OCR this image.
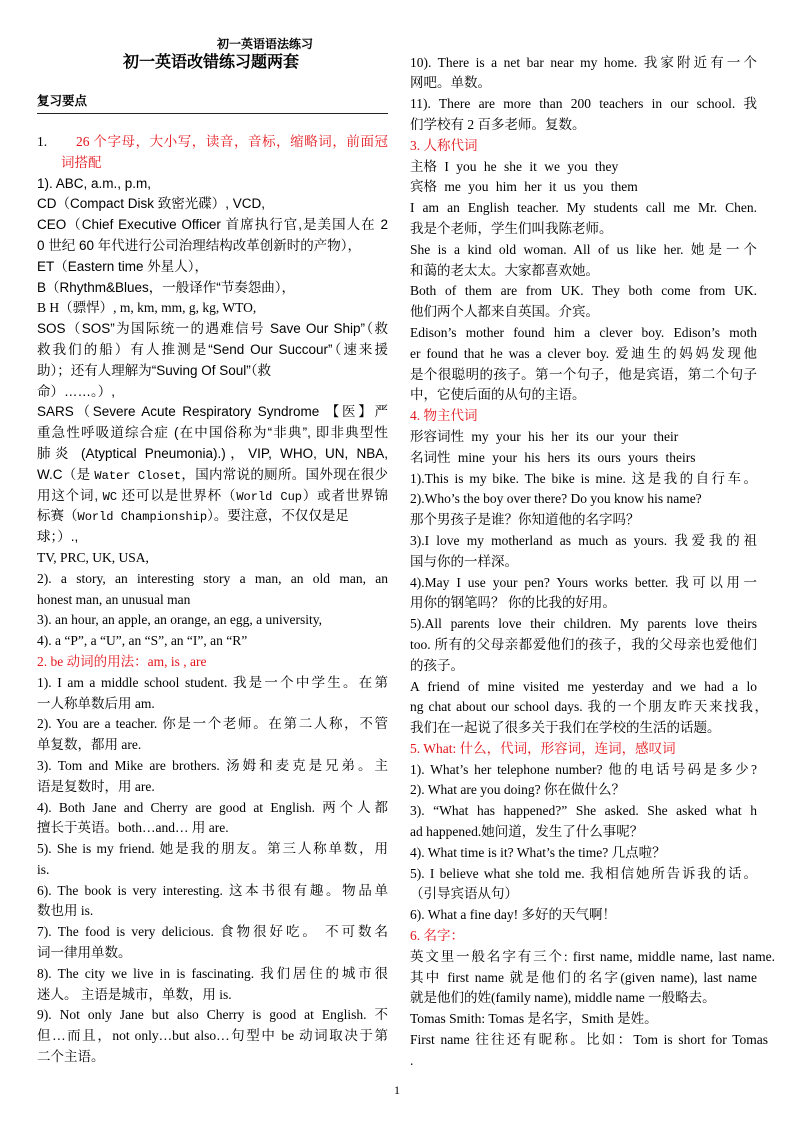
初一英语语法练习
初一英语改错练习题两套
复习要点
1. 26 个字母，大小写，读音，音标，缩略词，前面冠
词搭配
1). ABC, a.m., p.m,
CD（Compact Disk 致密光碟）, VCD,
CEO（Chief Executive Officer 首席执行官,是美国人在 2
0 世纪 60 年代进行公司治理结构改革创新时的产物），
ET（Eastern time 外星人），
B（Rhythm&Blues，一般译作“节奏怨曲），
B H（骠悍）, m, km, mm, g, kg, WTO,
SOS（SOS”为国际统一的遇难信号 Save Our Ship”（救
救我们的船）有人推测是“Send Our Succour”（速来援
助）；还有人理解为“Suving Of Soul”（救
命）……。）,
SARS（Severe Acute Respiratory Syndrome 【医】严
重急性呼吸道综合症 (在中国俗称为“非典”, 即非典型性
肺炎 (Atyptical Pneumonia).)，VIP, WHO, UN, NBA,
W.C（是 Water Closet，国内常说的厕所。国外现在很少
用这个词, WC 还可以是世界杯（World Cup）或者世界锦
标赛（World Championship）。要注意，不仅仅是足
球；）.,
TV, PRC, UK, USA,
2). a story, an interesting story a man, an old man, an
honest man, an unusual man
3). an hour, an apple, an orange, an egg, a university,
4). a “P”, a “U”, an “S”, an “I”, an “R”
2. be 动词的用法：am, is , are
1). I am a middle school student. 我是一个中学生。在第
一人称单数后用 am.
2). You are a teacher. 你是一个老师。在第二人称，不管
单复数，都用 are.
3). Tom and Mike are brothers. 汤姆和麦克是兄弟。主
语是复数时，用 are.
4). Both Jane and Cherry are good at English. 两个人都
擅长于英语。both…and… 用 are.
5). She is my friend. 她是我的朋友。第三人称单数，用
is.
6). The book is very interesting. 这本书很有趣。物品单
数也用 is.
7). The food is very delicious. 食物很好吃。 不可数名
词一律用单数。
8). The city we live in is fascinating. 我们居住的城市很
迷人。 主语是城市，单数，用 is.
9). Not only Jane but also Cherry is good at English. 不
但…而且，not only…but also…句型中 be 动词取决于第
二个主语。
10). There is a net bar near my home. 我家附近有一个
网吧。单数。
11). There are more than 200 teachers in our school. 我
们学校有 2 百多老师。复数。
3. 人称代词
主格 I you he she it we you they
宾格 me you him her it us you them
I am an English teacher. My students call me Mr. Chen.
我是个老师，学生们叫我陈老师。
She is a kind old woman. All of us like her. 她是一个
和蔼的老太太。大家都喜欢她。
Both of them are from UK. They both come from UK.
他们两个人都来自英国。介宾。
Edison’s mother found him a clever boy. Edison’s moth
er found that he was a clever boy. 爱迪生的妈妈发现他
是个很聪明的孩子。第一个句子，他是宾语，第二个句子
中，它使后面的从句的主语。
4. 物主代词
形容词性 my your his her its our your their
名词性 mine your his hers its ours yours theirs
1).This is my bike. The bike is mine. 这是我的自行车。
2).Who’s the boy over there? Do you know his name?
那个男孩子是谁？你知道他的名字吗？
3).I love my motherland as much as yours. 我爱我的祖
国与你的一样深。
4).May I use your pen? Yours works better. 我可以用一
用你的钢笔吗？ 你的比我的好用。
5).All parents love their children. My parents love theirs
too. 所有的父母亲都爱他们的孩子，我的父母亲也爱他们
的孩子。
A friend of mine visited me yesterday and we had a lo
ng chat about our school days. 我的一个朋友昨天来找我，
我们在一起说了很多关于我们在学校的生活的话题。
5. What: 什么，代词，形容词，连词，感叹词
1). What’s her telephone number? 他的电话号码是多少?
2). What are you doing? 你在做什么？
3). “What has happened?” She asked. She asked what h
ad happened.她问道，发生了什么事呢？
4). What time is it? What’s the time? 几点啦？
5). I believe what she told me. 我相信她所告诉我的话。
（引导宾语从句）
6). What a fine day! 多好的天气啊！
6. 名字：
英文里一般名字有三个: first name, middle name, last name.
其中 first name 就是他们的名字(given name), last name
就是他们的姓(family name), middle name 一般略去。
Tomas Smith: Tomas 是名字，Smith 是姓。
First name 往往还有昵称。比如：Tom is short for Tomas
.
1
